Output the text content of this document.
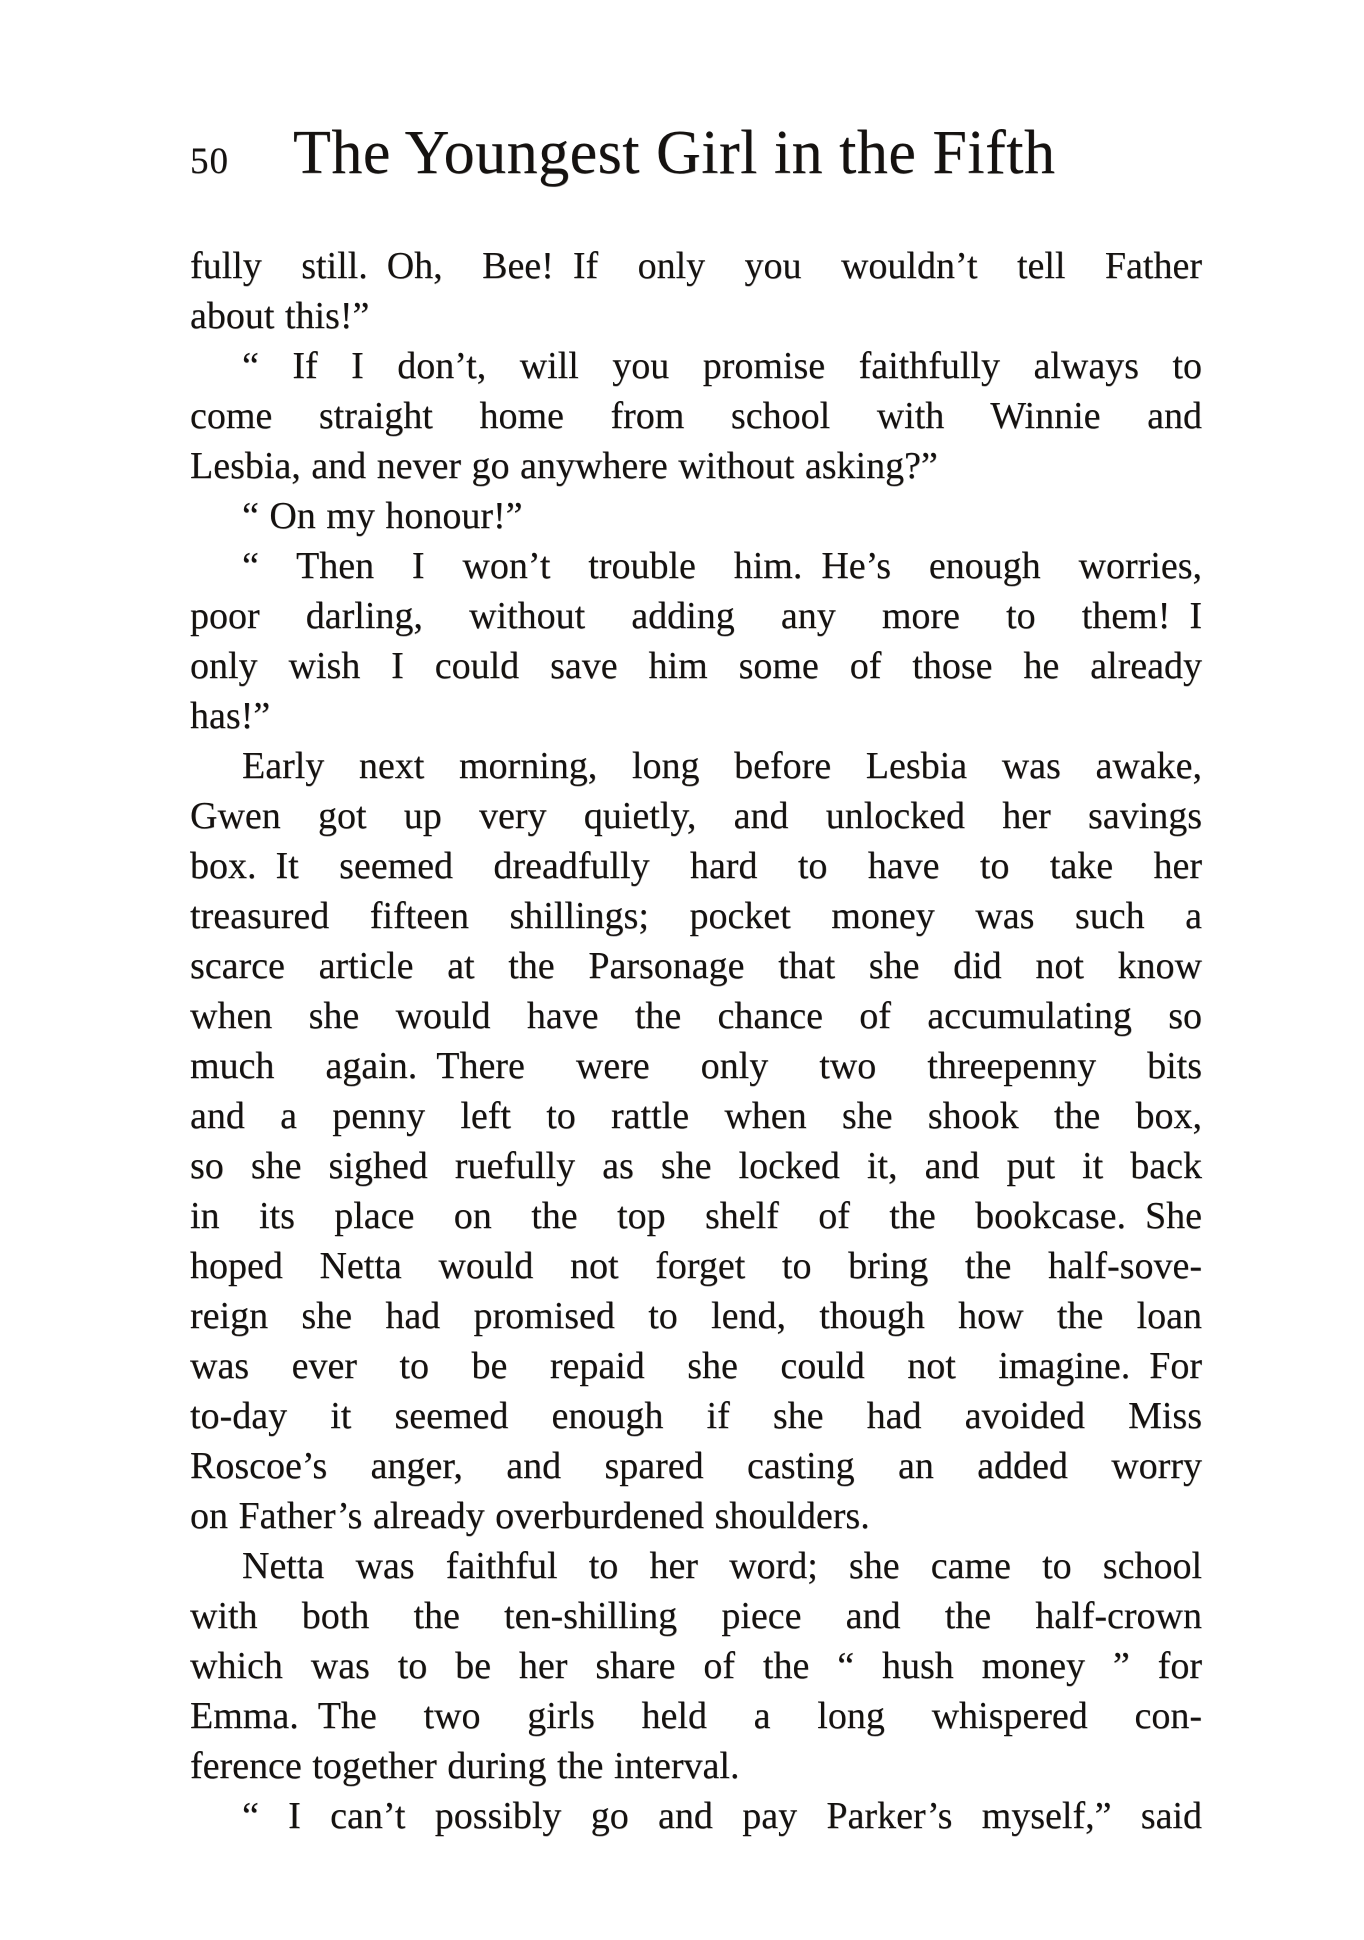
50 The Youngest Girl in the Fifth
fully still. Oh, Bee! If only you wouldn’t tell Father
about this!”
“ If I don’t, will you promise faithfully always to
come straight home from school with Winnie and
Lesbia, and never go anywhere without asking?”
“ On my honour!”
“ Then I won’t trouble him. He’s enough worries,
poor darling, without adding any more to them! I
only wish I could save him some of those he already
has!”
Early next morning, long before Lesbia was awake,
Gwen got up very quietly, and unlocked her savings
box. It seemed dreadfully hard to have to take her
treasured fifteen shillings; pocket money was such a
scarce article at the Parsonage that she did not know
when she would have the chance of accumulating so
much again. There were only two threepenny bits
and a penny left to rattle when she shook the box,
so she sighed ruefully as she locked it, and put it back
in its place on the top shelf of the bookcase. She
hoped Netta would not forget to bring the half-sove-
reign she had promised to lend, though how the loan
was ever to be repaid she could not imagine. For
to-day it seemed enough if she had avoided Miss
Roscoe’s anger, and spared casting an added worry
on Father’s already overburdened shoulders.
Netta was faithful to her word; she came to school
with both the ten-shilling piece and the half-crown
which was to be her share of the “ hush money ” for
Emma. The two girls held a long whispered con-
ference together during the interval.
“ I can’t possibly go and pay Parker’s myself,” said
